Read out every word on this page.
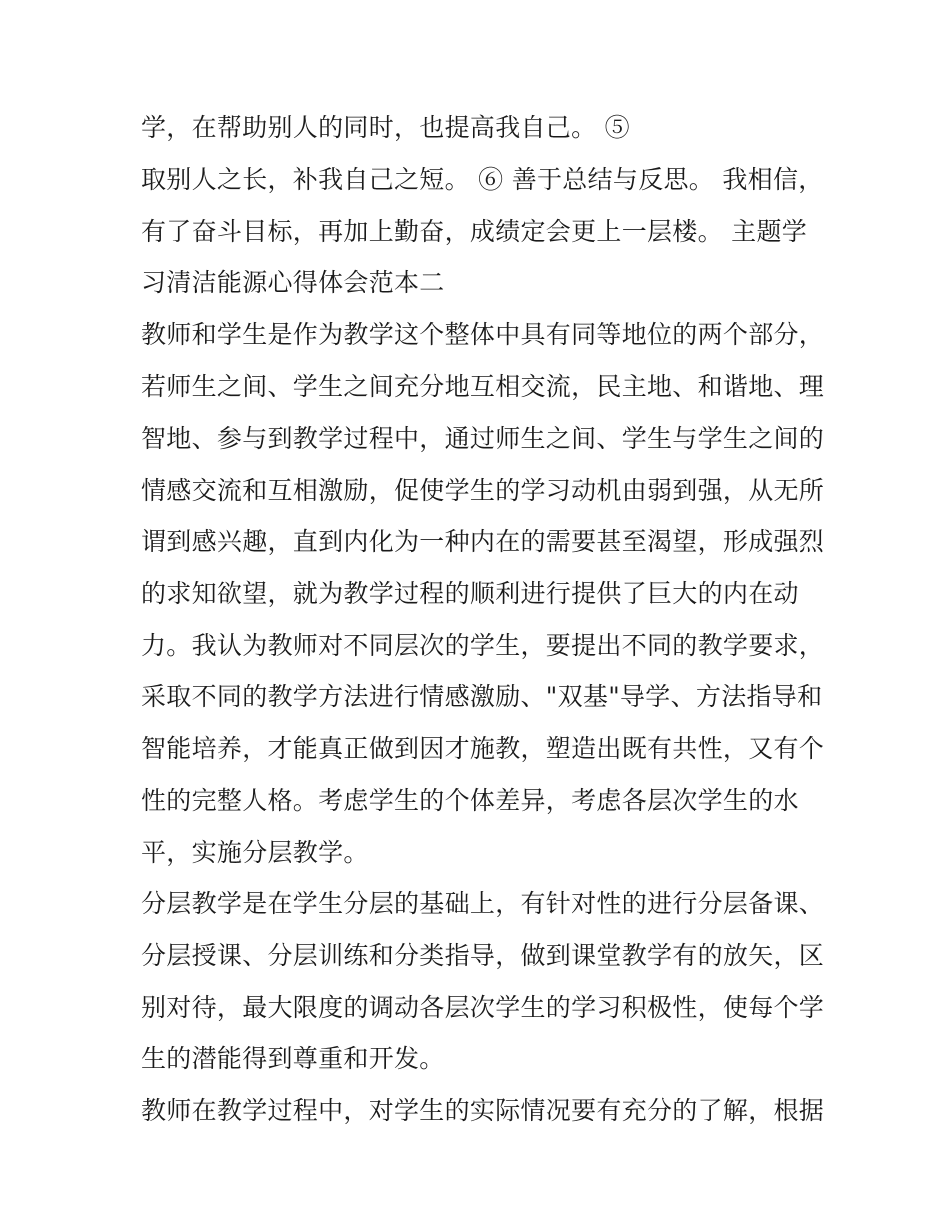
学，在帮助别人的同时，也提高我自己。 ⑤
取别人之长，补我自己之短。 ⑥ 善于总结与反思。 我相信，
有了奋斗目标，再加上勤奋，成绩定会更上一层楼。 主题学
习清洁能源心得体会范本二
教师和学生是作为教学这个整体中具有同等地位的两个部分，
若师生之间、学生之间充分地互相交流，民主地、和谐地、理
智地、参与到教学过程中，通过师生之间、学生与学生之间的
情感交流和互相激励，促使学生的学习动机由弱到强，从无所
谓到感兴趣，直到内化为一种内在的需要甚至渴望，形成强烈
的求知欲望，就为教学过程的顺利进行提供了巨大的内在动
力。我认为教师对不同层次的学生，要提出不同的教学要求，
采取不同的教学方法进行情感激励、"双基"导学、方法指导和
智能培养，才能真正做到因才施教，塑造出既有共性，又有个
性的完整人格。考虑学生的个体差异，考虑各层次学生的水
平，实施分层教学。
分层教学是在学生分层的基础上，有针对性的进行分层备课、
分层授课、分层训练和分类指导，做到课堂教学有的放矢，区
别对待，最大限度的调动各层次学生的学习积极性，使每个学
生的潜能得到尊重和开发。
教师在教学过程中，对学生的实际情况要有充分的了解，根据
